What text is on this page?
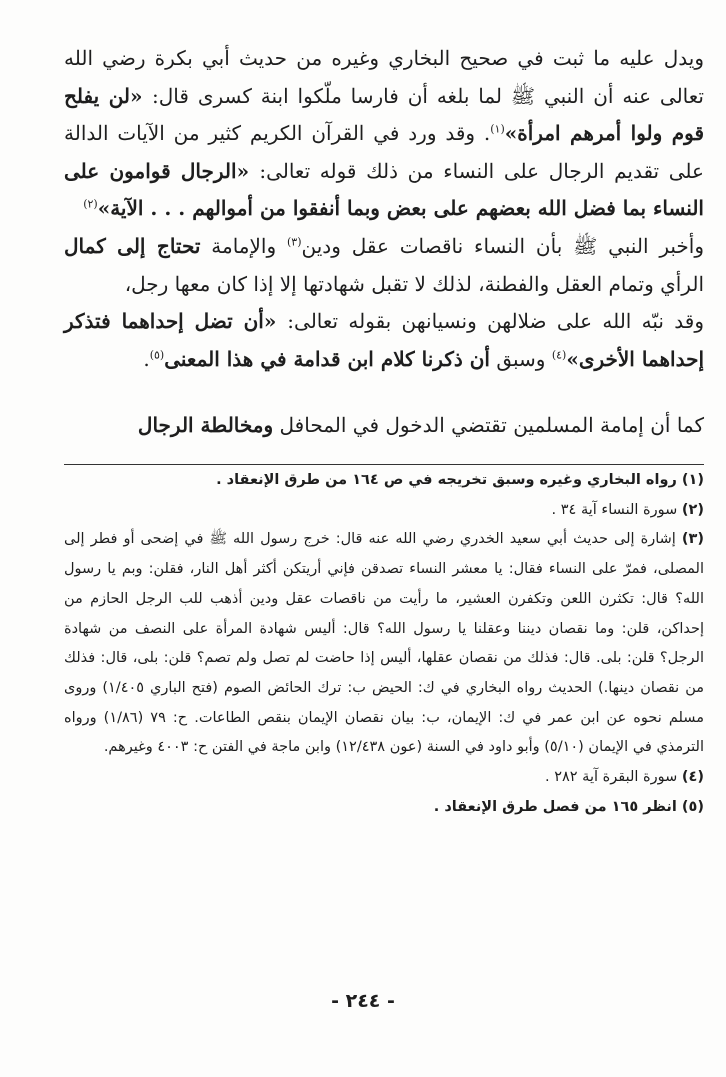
ويدل عليه ما ثبت في صحيح البخاري وغيره من حديث أبي بكرة رضي الله تعالى عنه أن النبي ﷺ لما بلغه أن فارسا ملّكوا ابنة كسرى قال: «لن يفلح قوم ولوا أمرهم امرأة»$^{(١)}$. وقد ورد في القرآن الكريم كثير من الآيات الدالة على تقديم الرجال على النساء من ذلك قوله تعالى: «الرجال قوامون على النساء بما فضل الله بعضهم على بعض وبما أنفقوا من أموالهم . . . الآية»$^{(٢)}$

وأخبر النبي ﷺ بأن النساء ناقصات عقل ودين$^{(٣)}$ والإمامة تحتاج إلى كمال الرأي وتمام العقل والفطنة، لذلك لا تقبل شهادتها إلا إذا كان معها رجل،

وقد نبّه الله على ضلالهن ونسيانهن بقوله تعالى: «أن تضل إحداهما فتذكر إحداهما الأخرى»$^{(٤)}$ وسبق أن ذكرنا كلام ابن قدامة في هذا المعنى$^{(٥)}$.

كما أن إمامة المسلمين تقتضي الدخول في المحافل ومخالطة الرجال

(١) رواه البخاري وغيره وسبق تخريجه في ص ١٦٤ من طرق الإنعقاد .

(٢) سورة النساء آية ٣٤ .

(٣) إشارة إلى حديث أبي سعيد الخدري رضي الله عنه قال: خرج رسول الله ﷺ في إضحى أو فطر إلى المصلى، فمرّ على النساء فقال: يا معشر النساء تصدقن فإني أريتكن أكثر أهل النار، فقلن: وبم يا رسول الله؟ قال: تكثرن اللعن وتكفرن العشير، ما رأيت من ناقصات عقل ودين أذهب للب الرجل الحازم من إحداكن، قلن: وما نقصان ديننا وعقلنا يا رسول الله؟ قال: أليس شهادة المرأة على النصف من شهادة الرجل؟ قلن: بلى. قال: فذلك من نقصان عقلها، أليس إذا حاضت لم تصل ولم تصم؟ قلن: بلى، قال: فذلك من نقصان دينها.) الحديث رواه البخاري في ك: الحيض ب: ترك الحائض الصوم (فتح الباري ١/٤٠٥) وروى مسلم نحوه عن ابن عمر في ك: الإيمان، ب: بيان نقصان الإيمان بنقص الطاعات. ح: ٧٩ (١/٨٦) ورواه الترمذي في الإيمان (٥/١٠) وأبو داود في السنة (عون ١٢/٤٣٨) وابن ماجة في الفتن ح: ٤٠٠٣ وغيرهم.

(٤) سورة البقرة آية ٢٨٢ .

(٥) انظر ١٦٥ من فصل طرق الإنعقاد .

- ٢٤٤ -
